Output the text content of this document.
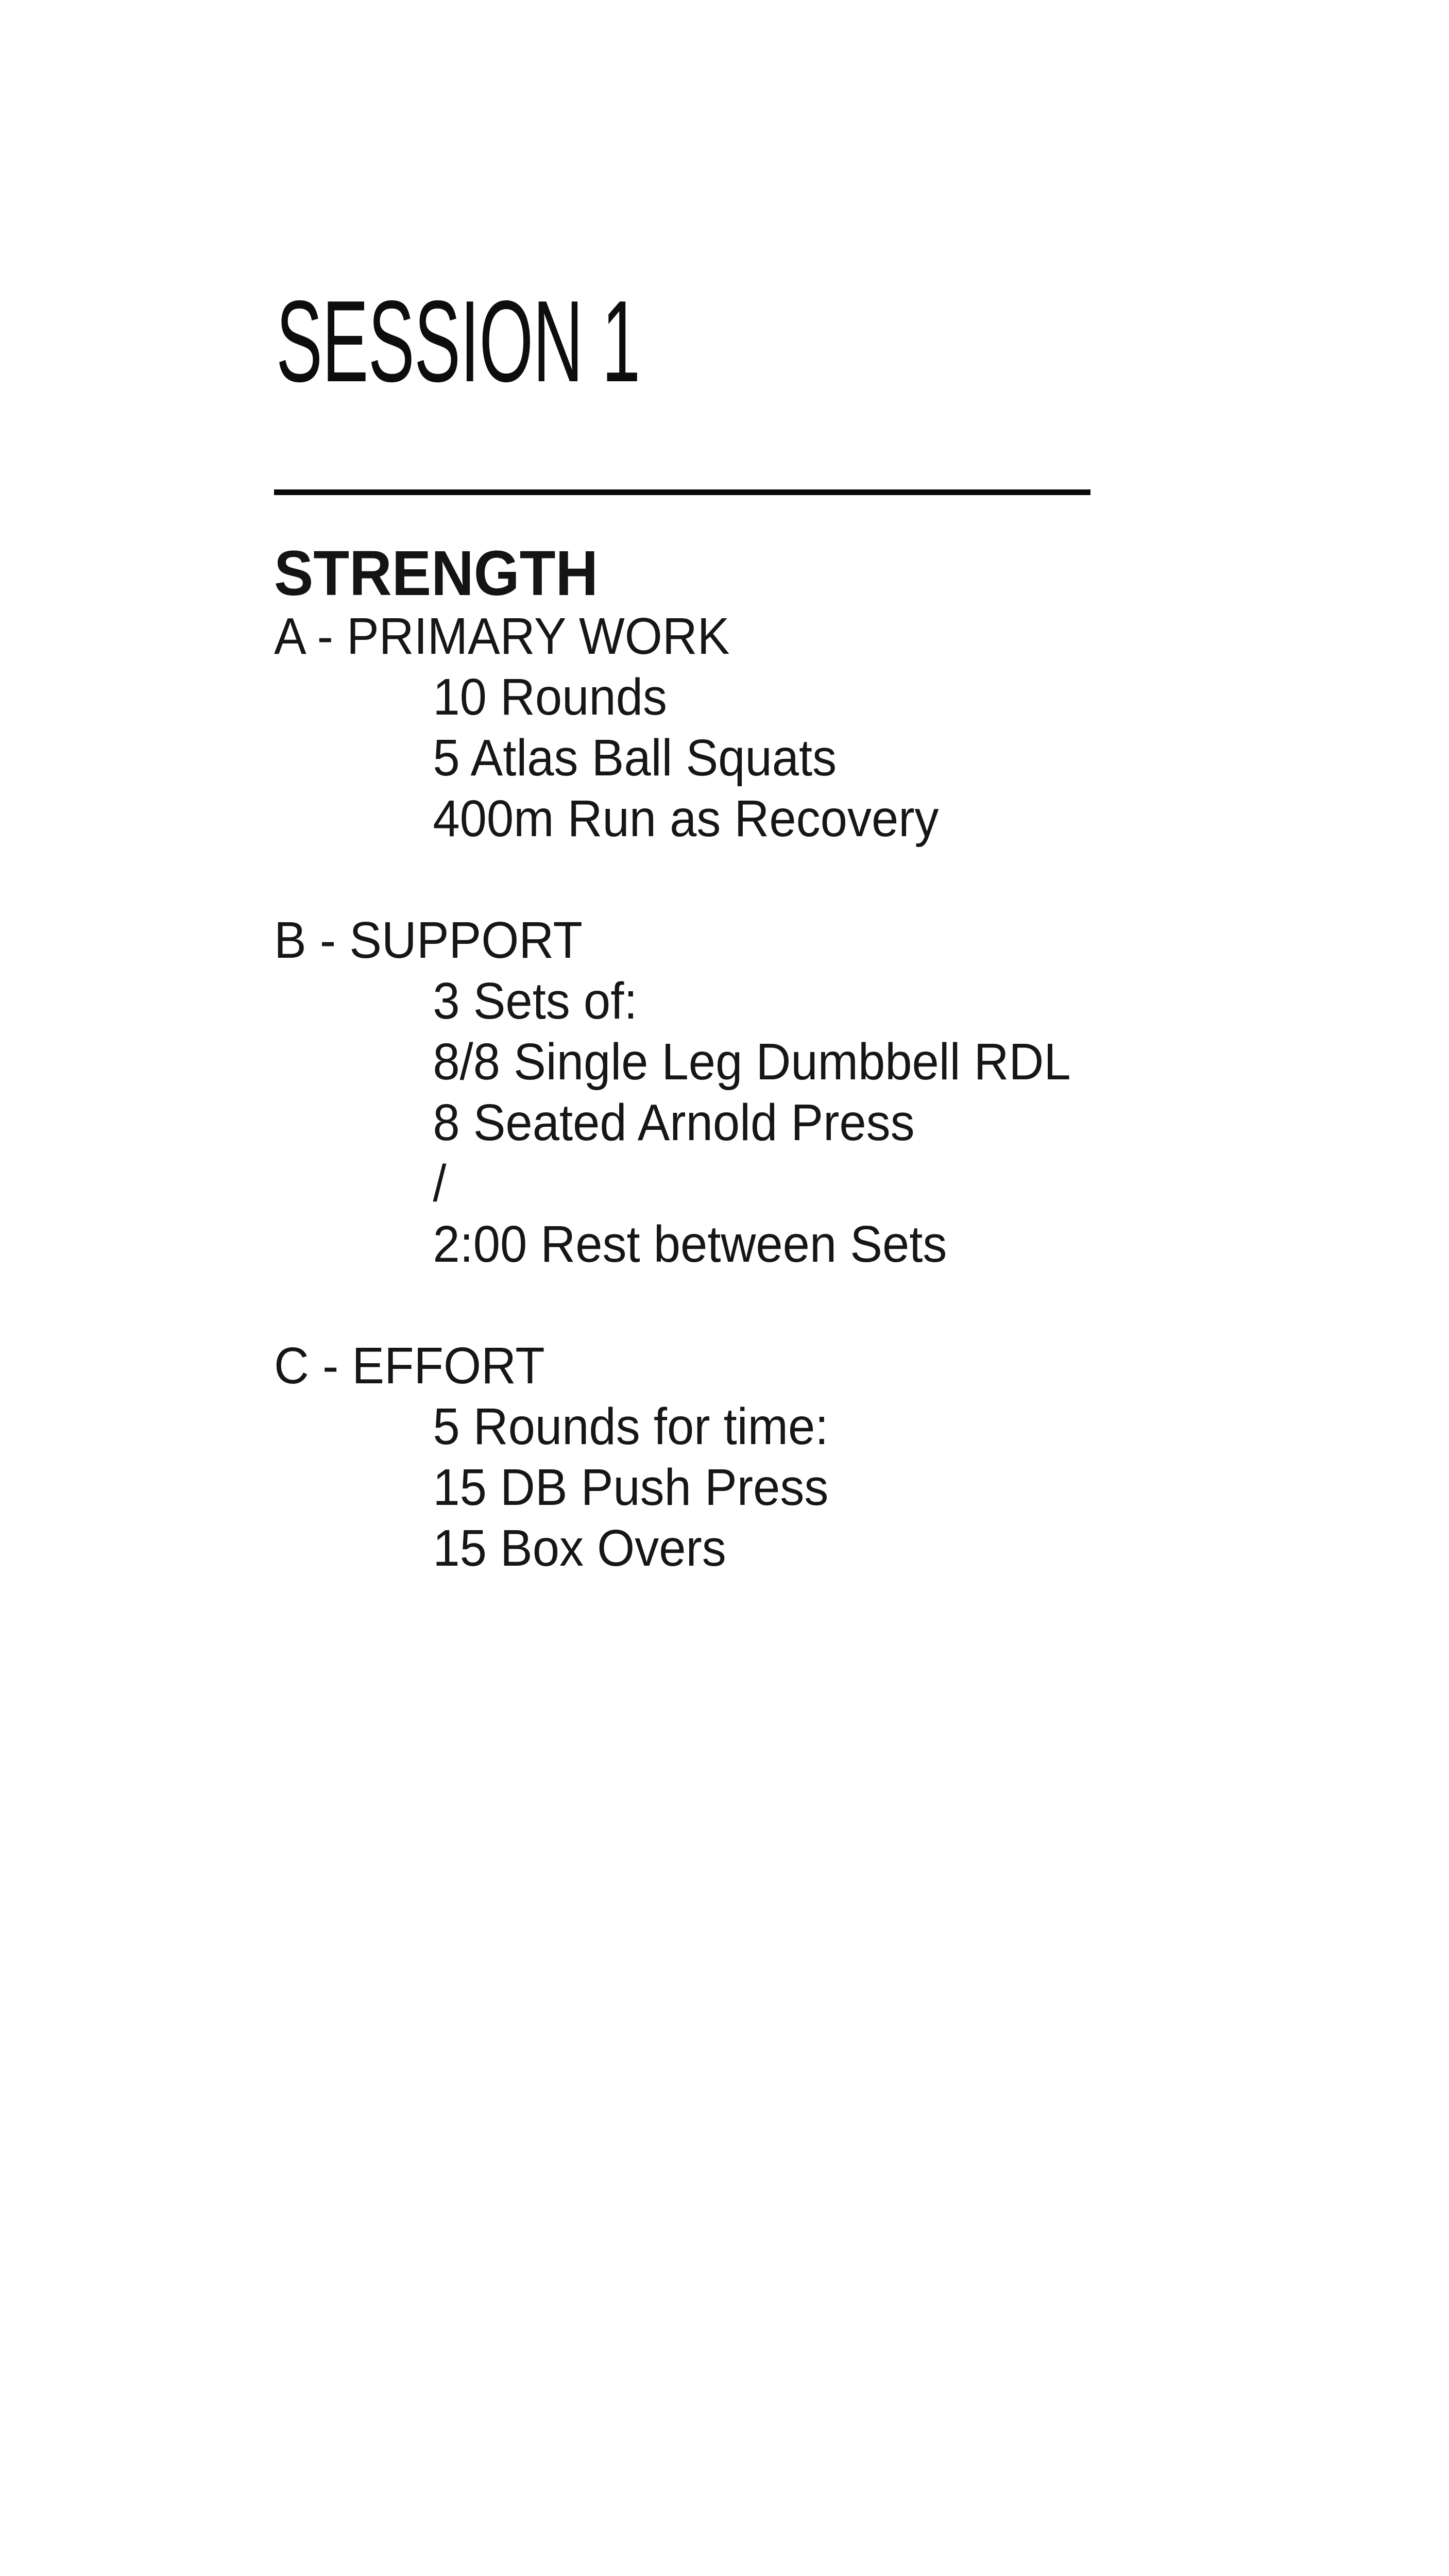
SESSION 1
STRENGTH
A - PRIMARY WORK
10 Rounds
5 Atlas Ball Squats
400m Run as Recovery
B - SUPPORT
3 Sets of:
8/8 Single Leg Dumbbell RDL
8 Seated Arnold Press
/
2:00 Rest between Sets
C - EFFORT
5 Rounds for time:
15 DB Push Press
15 Box Overs
